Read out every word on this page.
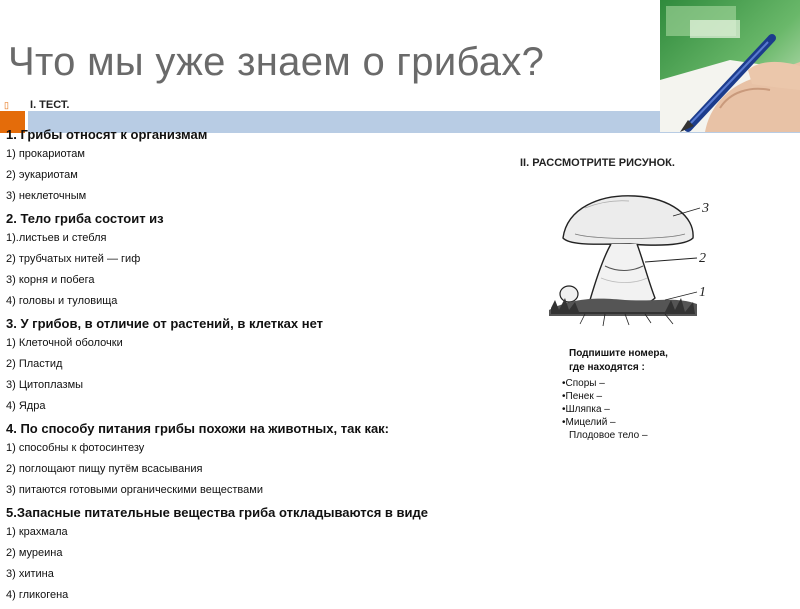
Что мы уже знаем о грибах?
▯ I. ТЕСТ.
1. Грибы относят к организмам
1) прокариотам
2) эукариотам
3) неклеточным
2. Тело гриба состоит из
1).листьев и стебля
2) трубчатых нитей — гиф
3) корня и побега
4) головы и туловища
3. У грибов, в отличие от растений, в клетках нет
1) Клеточной оболочки
2) Пластид
3) Цитоплазмы
4) Ядра
4. По способу питания грибы похожи на животных, так как:
1) способны к фотосинтезу
2) поглощают пищу путём всасывания
3) питаются готовыми органическими веществами
5.Запасные питательные вещества гриба откладываются в виде
1) крахмала
2) муреина
3) хитина
4) гликогена
II. РАССМОТРИТЕ РИСУНОК.
3
2
1
Подпишите номера,
где находятся :
• Споры –
• Пенек –
• Шляпка –
• Мицелий –
Плодовое тело –
